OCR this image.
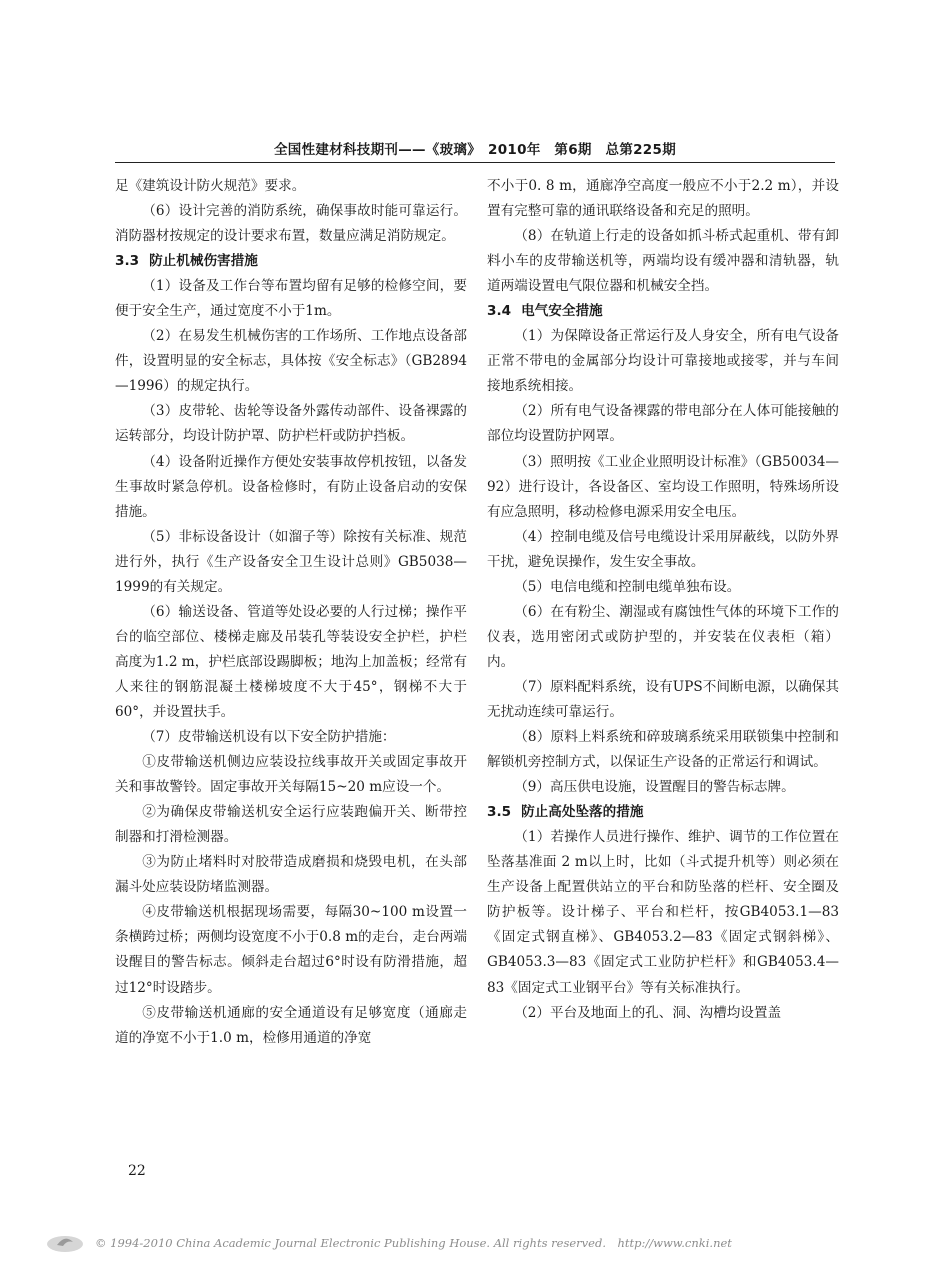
全国性建材科技期刊——《玻璃》　2010年　第6期　总第225期

足《建筑设计防火规范》要求。

（6）设计完善的消防系统，确保事故时能可靠运行。消防器材按规定的设计要求布置，数量应满足消防规定。

3.3 防止机械伤害措施

（1）设备及工作台等布置均留有足够的检修空间，要便于安全生产，通过宽度不小于1m。

（2）在易发生机械伤害的工作场所、工作地点设备部件，设置明显的安全标志，具体按《安全标志》（GB2894—1996）的规定执行。

（3）皮带轮、齿轮等设备外露传动部件、设备裸露的运转部分，均设计防护罩、防护栏杆或防护挡板。

（4）设备附近操作方便处安装事故停机按钮，以备发生事故时紧急停机。设备检修时，有防止设备启动的安保措施。

（5）非标设备设计（如溜子等）除按有关标准、规范进行外，执行《生产设备安全卫生设计总则》GB5038—1999的有关规定。

（6）输送设备、管道等处设必要的人行过梯；操作平台的临空部位、楼梯走廊及吊装孔等装设安全护栏，护栏高度为1.2 m，护栏底部设踢脚板；地沟上加盖板；经常有人来往的钢筋混凝土楼梯坡度不大于45°，钢梯不大于60°，并设置扶手。

（7）皮带输送机设有以下安全防护措施：

①皮带输送机侧边应装设拉线事故开关或固定事故开关和事故警铃。固定事故开关每隔15~20 m应设一个。

②为确保皮带输送机安全运行应装跑偏开关、断带控制器和打滑检测器。

③为防止堵料时对胶带造成磨损和烧毁电机，在头部漏斗处应装设防堵监测器。

④皮带输送机根据现场需要，每隔30~100 m设置一条横跨过桥；两侧均设宽度不小于0.8 m的走台，走台两端设醒目的警告标志。倾斜走台超过6°时设有防滑措施，超过12°时设踏步。

⑤皮带输送机通廊的安全通道设有足够宽度（通廊走道的净宽不小于1.0 m，检修用通道的净宽

不小于0. 8 m，通廊净空高度一般应不小于2.2 m），并设置有完整可靠的通讯联络设备和充足的照明。

（8）在轨道上行走的设备如抓斗桥式起重机、带有卸料小车的皮带输送机等，两端均设有缓冲器和清轨器，轨道两端设置电气限位器和机械安全挡。

3.4 电气安全措施

（1）为保障设备正常运行及人身安全，所有电气设备正常不带电的金属部分均设计可靠接地或接零，并与车间接地系统相接。

（2）所有电气设备裸露的带电部分在人体可能接触的部位均设置防护网罩。

（3）照明按《工业企业照明设计标准》（GB50034—92）进行设计，各设备区、室均设工作照明，特殊场所设有应急照明，移动检修电源采用安全电压。

（4）控制电缆及信号电缆设计采用屏蔽线，以防外界干扰，避免误操作，发生安全事故。

（5）电信电缆和控制电缆单独布设。

（6）在有粉尘、潮湿或有腐蚀性气体的环境下工作的仪表，选用密闭式或防护型的，并安装在仪表柜（箱）内。

（7）原料配料系统，设有UPS不间断电源，以确保其无扰动连续可靠运行。

（8）原料上料系统和碎玻璃系统采用联锁集中控制和解锁机旁控制方式，以保证生产设备的正常运行和调试。

（9）高压供电设施，设置醒目的警告标志牌。

3.5 防止高处坠落的措施

（1）若操作人员进行操作、维护、调节的工作位置在坠落基准面 2 m以上时，比如（斗式提升机等）则必须在生产设备上配置供站立的平台和防坠落的栏杆、安全圈及防护板等。设计梯子、平台和栏杆，按GB4053.1—83《固定式钢直梯》、GB4053.2—83《固定式钢斜梯》、GB4053.3—83《固定式工业防护栏杆》和GB4053.4—83《固定式工业钢平台》等有关标准执行。

（2）平台及地面上的孔、洞、沟槽均设置盖

22
© 1994-2010 China Academic Journal Electronic Publishing House. All rights reserved.　http://www.cnki.net
